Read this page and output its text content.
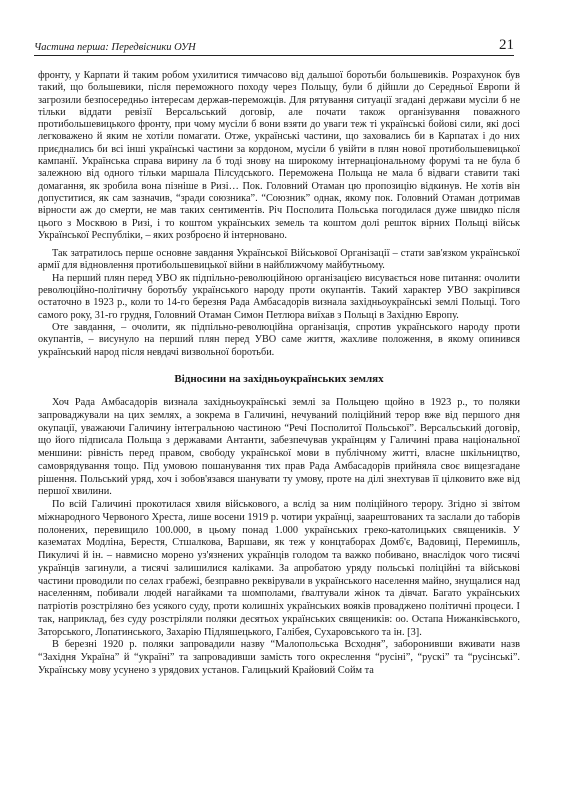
Частина перша: Передвісники ОУН	21

фронту, у Карпати й таким робом ухилитися тимчасово від дальшої боротьби большевиків. Розрахунок був такий, що большевики, після переможного походу через Польщу, були б дійшли до Середньої Европи й загрозили безпосередньо інтересам держав-переможців. Для рятування ситуації згадані держави мусіли б не тільки віддати ревізії Версальський договір, але почати також організування поважного протибольшевицького фронту, при чому мусіли б вони взяти до уваги теж ті українські бойові сили, які досі легковажено й яким не хотіли помагати. Отже, українські частини, що заховались би в Карпатах і до них приєднались би всі інші українські частини за кордоном, мусіли б увійти в плян нової протибольшевицької кампанії. Українська справа вирину ла б тоді знову на широкому інтернаціональному форумі та не була б залежною від одного тільки маршала Пілсудського. Переможена Польща не мала б відваги ставити такі домагання, як зробила вона пізніше в Ризі… Пок. Головний Отаман цю пропозицію відкинув. Не хотів він допуститися, як сам зазначив, “зради союзника”. “Союзник” однак, якому пок. Головний Отаман дотримав вірности аж до смерти, не мав таких сентиментів. Річ Посполита Польська погодилася дуже швидко після цього з Москвою в Ризі, і то коштом українських земель та коштом долі решток вірних Польщі військ Української Республіки, – яких розброєно й інтерновано.

Так затратилось перше основне завдання Української Військової Організації – стати зав'язком української армії для відновлення протибольшевицької війни в найближчому майбутньому.

На перший плян перед УВО як підпільно-революційною організацією висувається нове питання: очолити революційно-політичну боротьбу українського народу проти окупантів. Такий характер УВО закріпився остаточно в 1923 р., коли то 14-го березня Рада Амбасадорів визнала західньоукраїнські землі Польщі. Того самого року, 31-го грудня, Головний Отаман Симон Петлюра виїхав з Польщі в Західню Европу.

Оте завдання, – очолити, як підпільно-революційна організація, спротив українського народу проти окупантів, – висунуло на перший плян перед УВО саме життя, жахливе положення, в якому опинився український народ після невдачі визвольної боротьби.

Відносини на західньоукраїнських землях

Хоч Рада Амбасадорів визнала західньоукраїнські землі за Польщею щойно в 1923 р., то поляки запроваджували на цих землях, а зокрема в Галичині, нечуваний поліційний терор вже від першого дня окупації, уважаючи Галичину інтегральною частиною “Речі Посполитої Польської”. Версальський договір, що його підписала Польща з державами Антанти, забезпечував українцям у Галичині права національної меншини: рівність перед правом, свободу української мови в публічному житті, власне шкільництво, самоврядування тощо. Під умовою пошанування тих прав Рада Амбасадорів прийняла своє вищезгадане рішення. Польський уряд, хоч і зобов'язався шанувати ту умову, проте на ділі знехтував її цілковито вже від першої хвилини.

По всій Галичині прокотилася хвиля військового, а вслід за ним поліційного терору. Згідно зі звітом міжнародного Червоного Хреста, лише восени 1919 р. чотири українці, заарештованих та заслали до таборів полонених, перевищило 100.000, в цьому понад 1.000 українських греко-католицьких священиків. У казематах Модліна, Берестя, Стшалкова, Варшави, як теж у концтаборах Домб'є, Вадовиці, Перемишль, Пикуличі й ін. – навмисно морено уз'язнених українців голодом та важко побивано, внаслідок чого тисячі українців загинули, а тисячі залишилися каліками. За апробатою уряду польські поліційні та військові частини проводили по селах грабежі, безправно реквірували в українського населення майно, знущалися над населенням, побивали людей нагайками та шомполами, ґвалтували жінок та дівчат. Багато українських патріотів розстріляно без усякого суду, проти колишніх українських вояків проваджено політичні процеси. І так, наприклад, без суду розстріляли поляки десятьох українських священиків: оо. Остапа Нижанківського, Заторського, Лопатинського, Захарію Підляшецького, Галібея, Сухаровського та ін. [3].

В березні 1920 р. поляки запровадили назву “Малопольська Всходня”, заборонивши вживати назв “Західня Україна” й “україні” та запровадивши замість того окреслення “русіні”, “рускі” та “русінські”. Українську мову усунено з урядових установ. Галицький Крайовий Сойм та
